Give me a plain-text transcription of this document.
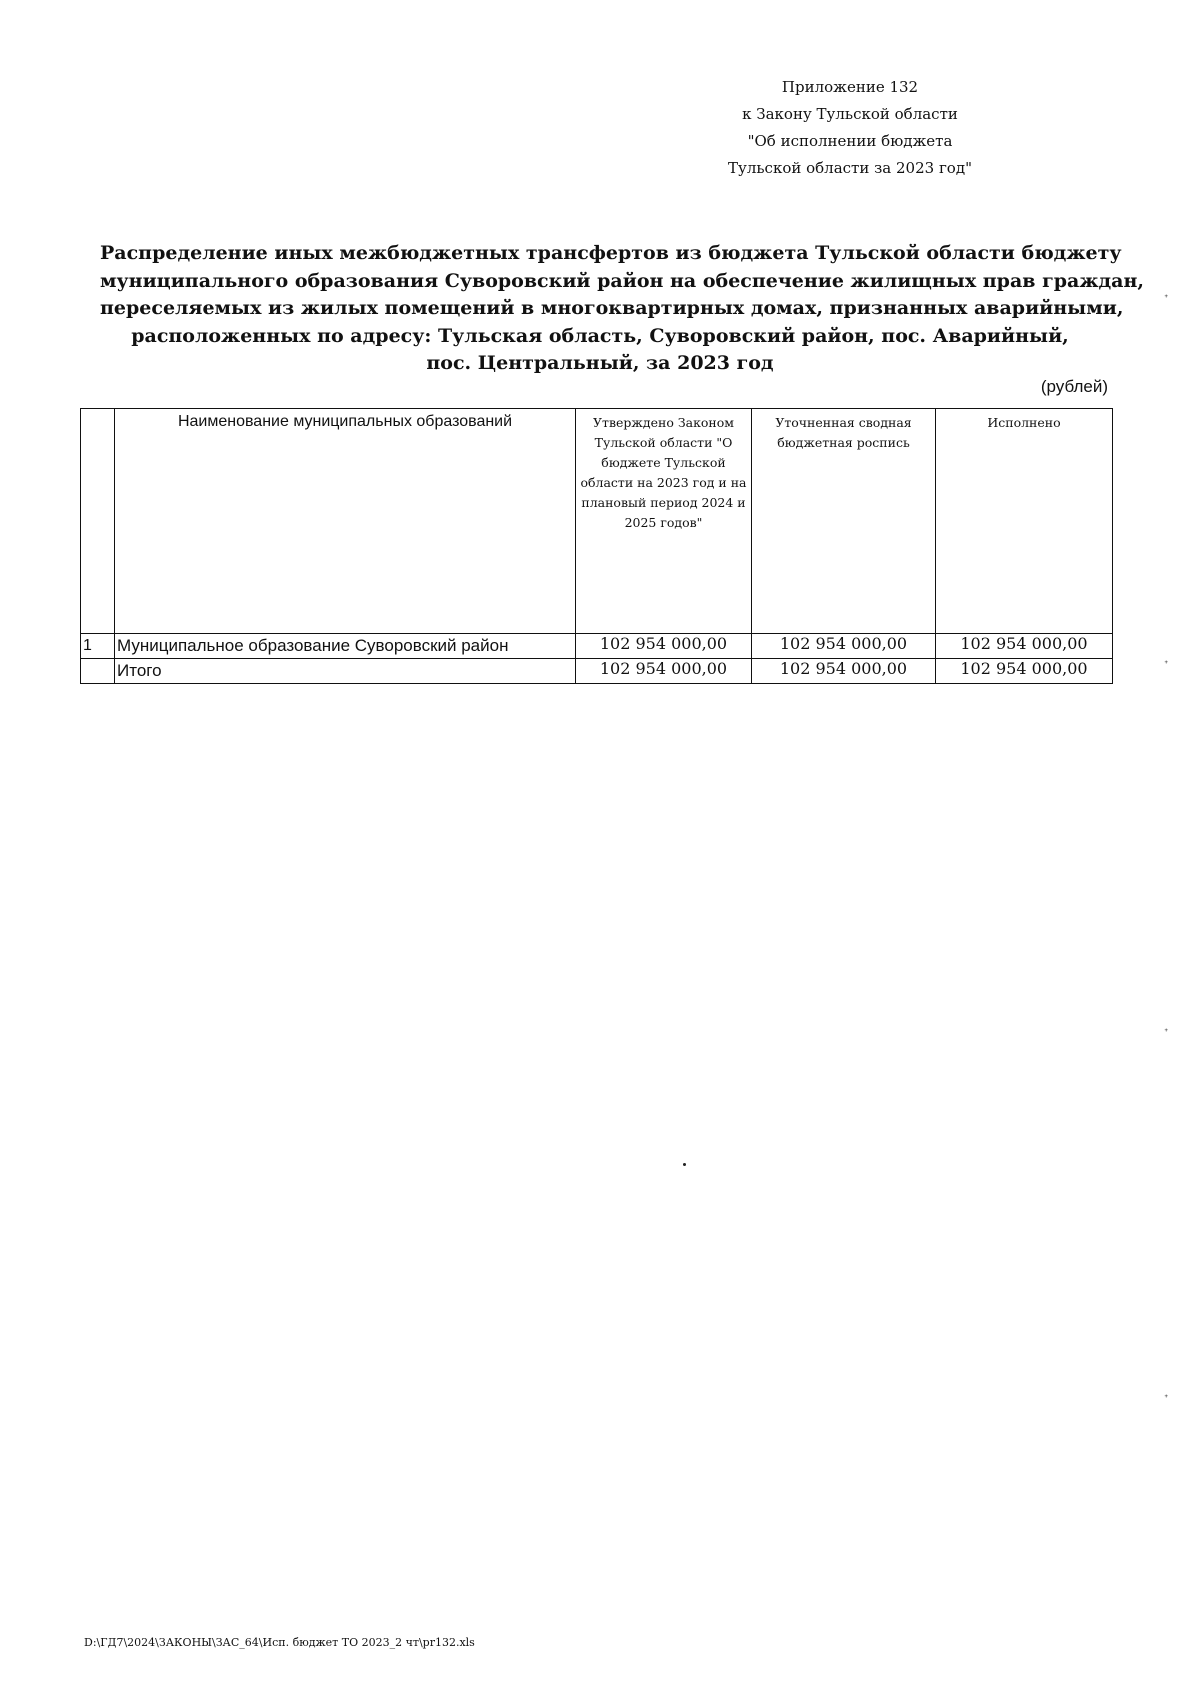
Приложение 132
к Закону Тульской области
"Об исполнении бюджета
Тульской области за 2023 год"
Распределение иных межбюджетных трансфертов из бюджета Тульской области бюджету
муниципального образования Суворовский район на обеспечение жилищных прав граждан,
переселяемых из жилых помещений в многоквартирных домах, признанных аварийными,
расположенных по адресу: Тульская область, Суворовский район, пос. Аварийный,
пос. Центральный, за 2023 год
(рублей)
	Наименование муниципальных образований	Утверждено Законом Тульской области "О бюджете Тульской области на 2023 год и на плановый период 2024 и 2025 годов"	Уточненная сводная бюджетная роспись	Исполнено
1	Муниципальное образование Суворовский район	102 954 000,00	102 954 000,00	102 954 000,00
	Итого	102 954 000,00	102 954 000,00	102 954 000,00
D:\ГД7\2024\ЗАКОНЫ\ЗАС_64\Исп. бюджет ТО 2023_2 чт\pr132.xls
ᐩ
ᐩ
ᐩ
ᐩ
